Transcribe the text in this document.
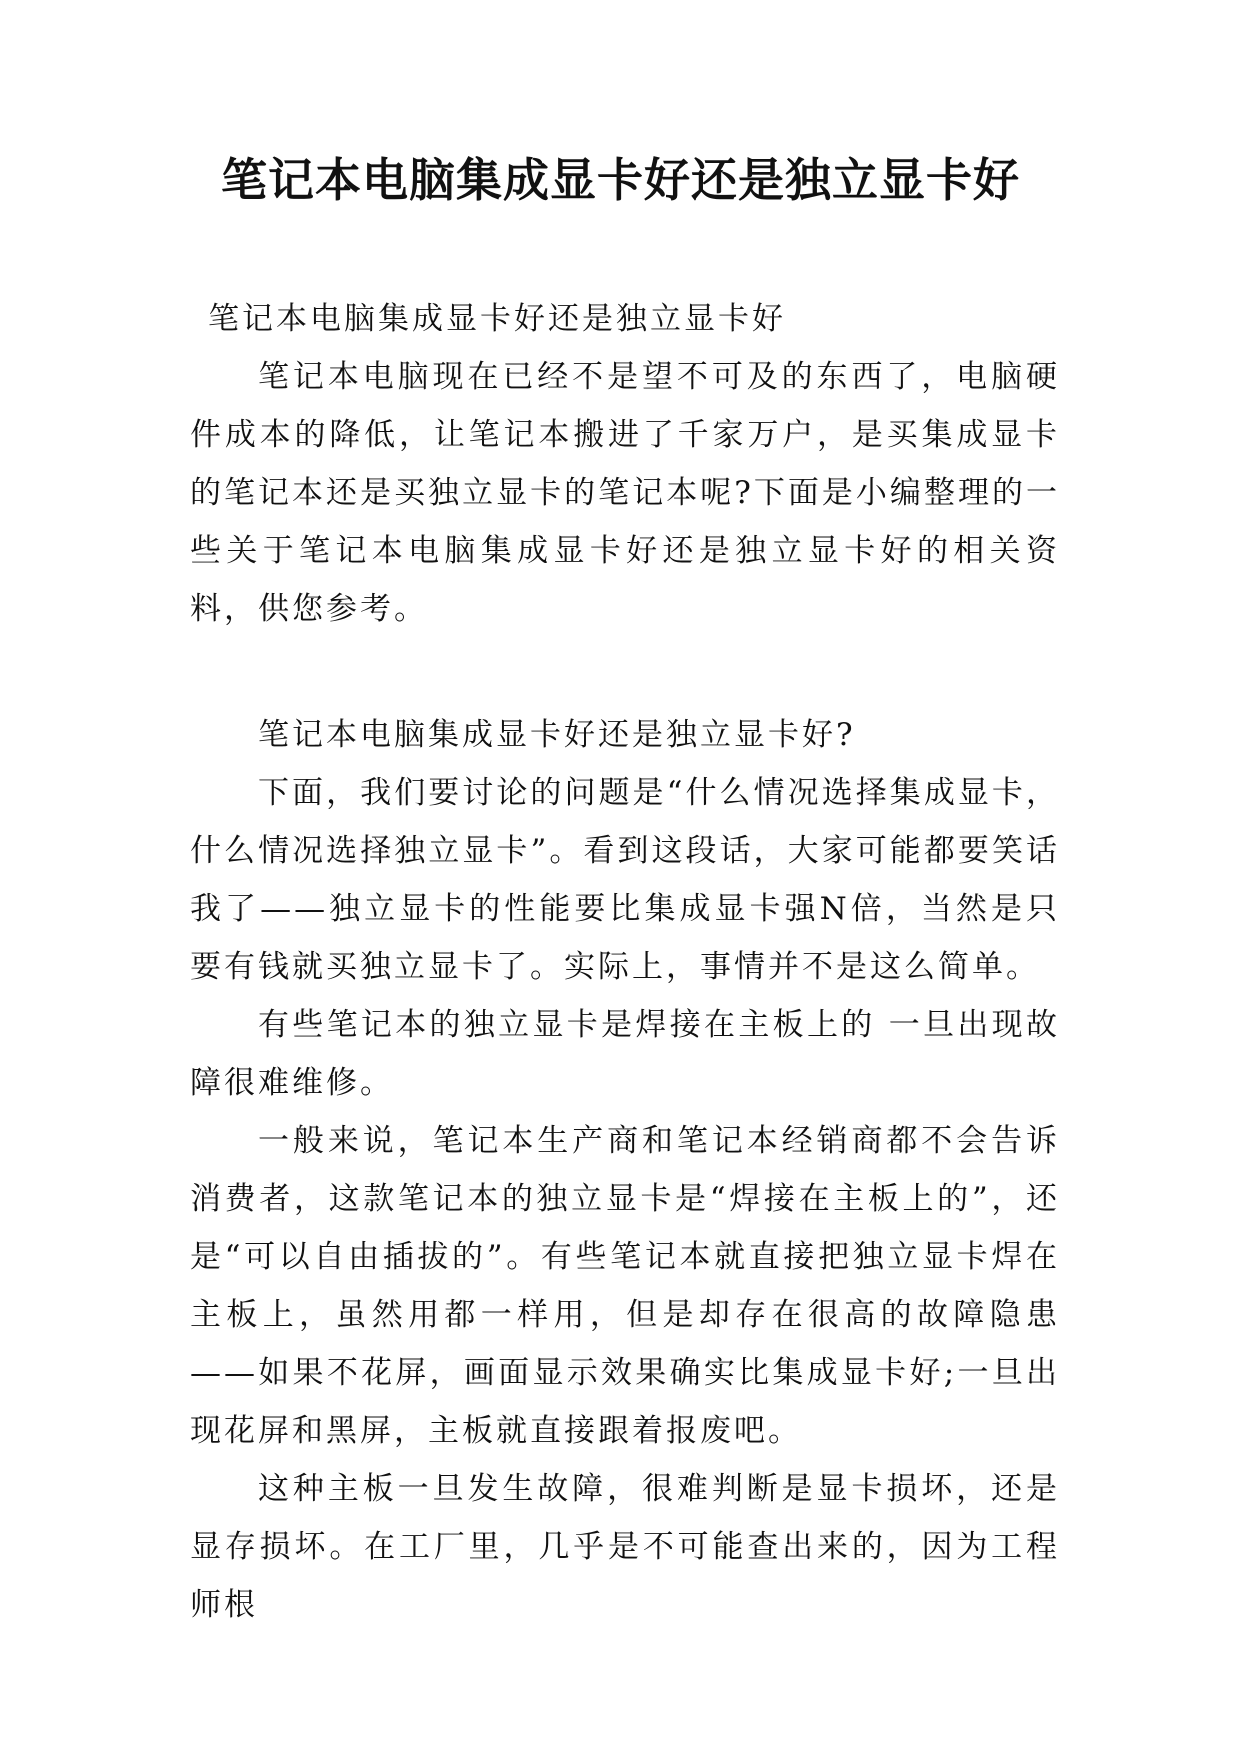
笔记本电脑集成显卡好还是独立显卡好

笔记本电脑集成显卡好还是独立显卡好

笔记本电脑现在已经不是望不可及的东西了，电脑硬件成本的降低，让笔记本搬进了千家万户，是买集成显卡的笔记本还是买独立显卡的笔记本呢?下面是小编整理的一些关于笔记本电脑集成显卡好还是独立显卡好的相关资料，供您参考。

笔记本电脑集成显卡好还是独立显卡好?

下面，我们要讨论的问题是“什么情况选择集成显卡，什么情况选择独立显卡”。看到这段话，大家可能都要笑话我了——独立显卡的性能要比集成显卡强N倍，当然是只要有钱就买独立显卡了。实际上，事情并不是这么简单。

有些笔记本的独立显卡是焊接在主板上的 一旦出现故障很难维修。

一般来说，笔记本生产商和笔记本经销商都不会告诉消费者，这款笔记本的独立显卡是“焊接在主板上的”，还是“可以自由插拔的”。有些笔记本就直接把独立显卡焊在主板上，虽然用都一样用，但是却存在很高的故障隐患——如果不花屏，画面显示效果确实比集成显卡好;一旦出现花屏和黑屏，主板就直接跟着报废吧。

这种主板一旦发生故障，很难判断是显卡损坏，还是显存损坏。在工厂里，几乎是不可能查出来的，因为工程师根
